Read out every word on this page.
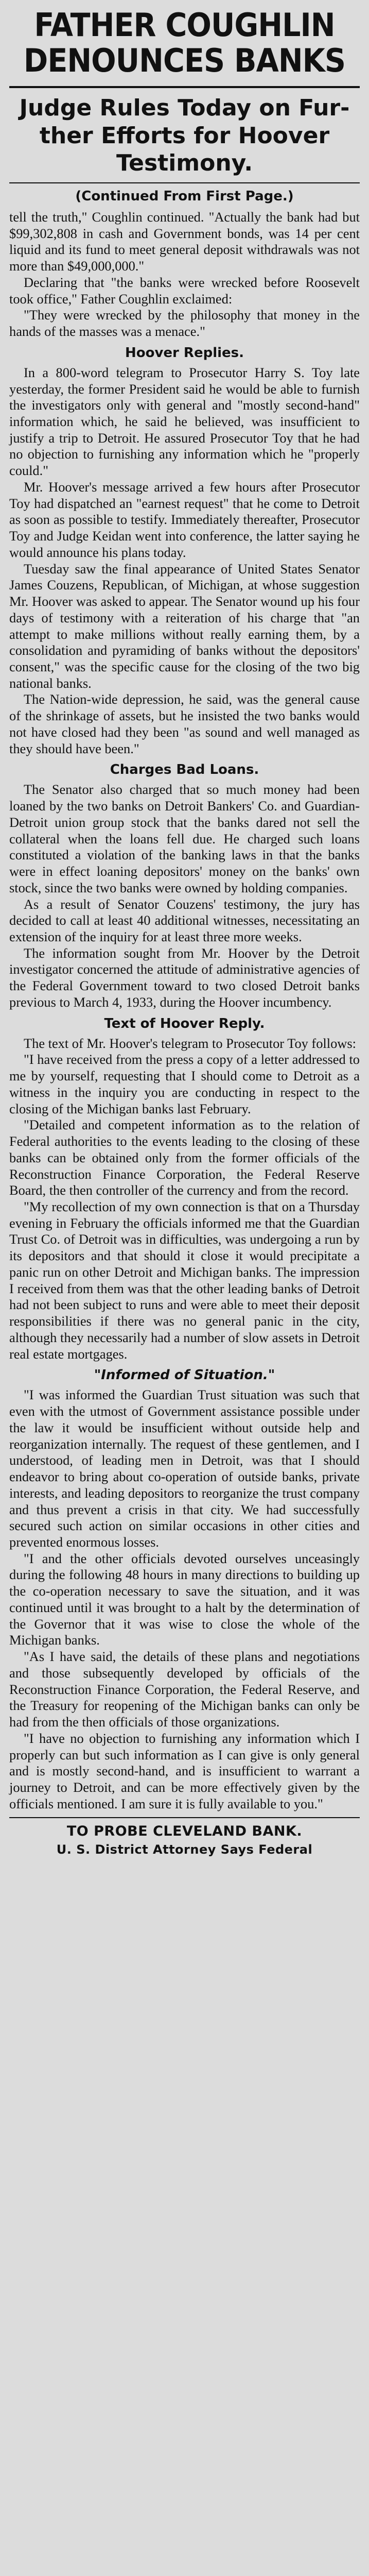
FATHER COUGHLIN
DENOUNCES BANKS
Judge Rules Today on Fur-
ther Efforts for Hoover
Testimony.
(Continued From First Page.)

tell the truth," Coughlin continued. "Actually the bank had but $99,302,808 in cash and Government bonds, was 14 per cent liquid and its fund to meet general deposit withdrawals was not more than $49,000,000."

Declaring that "the banks were wrecked before Roosevelt took office," Father Coughlin exclaimed:

"They were wrecked by the philosophy that money in the hands of the masses was a menace."

Hoover Replies.

In a 800-word telegram to Prosecutor Harry S. Toy late yesterday, the former President said he would be able to furnish the investigators only with general and "mostly second-hand" information which, he said he believed, was insufficient to justify a trip to Detroit. He assured Prosecutor Toy that he had no objection to furnishing any information which he "properly could."

Mr. Hoover's message arrived a few hours after Prosecutor Toy had dispatched an "earnest request" that he come to Detroit as soon as possible to testify. Immediately thereafter, Prosecutor Toy and Judge Keidan went into conference, the latter saying he would announce his plans today.

Tuesday saw the final appearance of United States Senator James Couzens, Republican, of Michigan, at whose suggestion Mr. Hoover was asked to appear. The Senator wound up his four days of testimony with a reiteration of his charge that "an attempt to make millions without really earning them, by a consolidation and pyramiding of banks without the depositors' consent," was the specific cause for the closing of the two big national banks.

The Nation-wide depression, he said, was the general cause of the shrinkage of assets, but he insisted the two banks would not have closed had they been "as sound and well managed as they should have been."

Charges Bad Loans.

The Senator also charged that so much money had been loaned by the two banks on Detroit Bankers' Co. and Guardian-Detroit union group stock that the banks dared not sell the collateral when the loans fell due. He charged such loans constituted a violation of the banking laws in that the banks were in effect loaning depositors' money on the banks' own stock, since the two banks were owned by holding companies.

As a result of Senator Couzens' testimony, the jury has decided to call at least 40 additional witnesses, necessitating an extension of the inquiry for at least three more weeks.

The information sought from Mr. Hoover by the Detroit investigator concerned the attitude of administrative agencies of the Federal Government toward to two closed Detroit banks previous to March 4, 1933, during the Hoover incumbency.

Text of Hoover Reply.

The text of Mr. Hoover's telegram to Prosecutor Toy follows:

"I have received from the press a copy of a letter addressed to me by yourself, requesting that I should come to Detroit as a witness in the inquiry you are conducting in respect to the closing of the Michigan banks last February.

"Detailed and competent information as to the relation of Federal authorities to the events leading to the closing of these banks can be obtained only from the former officials of the Reconstruction Finance Corporation, the Federal Reserve Board, the then controller of the currency and from the record.

"My recollection of my own connection is that on a Thursday evening in February the officials informed me that the Guardian Trust Co. of Detroit was in difficulties, was undergoing a run by its depositors and that should it close it would precipitate a panic run on other Detroit and Michigan banks. The impression I received from them was that the other leading banks of Detroit had not been subject to runs and were able to meet their deposit responsibilities if there was no general panic in the city, although they necessarily had a number of slow assets in Detroit real estate mortgages.

"Informed of Situation."

"I was informed the Guardian Trust situation was such that even with the utmost of Government assistance possible under the law it would be insufficient without outside help and reorganization internally. The request of these gentlemen, and I understood, of leading men in Detroit, was that I should endeavor to bring about co-operation of outside banks, private interests, and leading depositors to reorganize the trust company and thus prevent a crisis in that city. We had successfully secured such action on similar occasions in other cities and prevented enormous losses.

"I and the other officials devoted ourselves unceasingly during the following 48 hours in many directions to building up the co-operation necessary to save the situation, and it was continued until it was brought to a halt by the determination of the Governor that it was wise to close the whole of the Michigan banks.

"As I have said, the details of these plans and negotiations and those subsequently developed by officials of the Reconstruction Finance Corporation, the Federal Reserve, and the Treasury for reopening of the Michigan banks can only be had from the then officials of those organizations.

"I have no objection to furnishing any information which I properly can but such information as I can give is only general and is mostly second-hand, and is insufficient to warrant a journey to Detroit, and can be more effectively given by the officials mentioned. I am sure it is fully available to you."

TO PROBE CLEVELAND BANK.
U. S. District Attorney Says Federal
